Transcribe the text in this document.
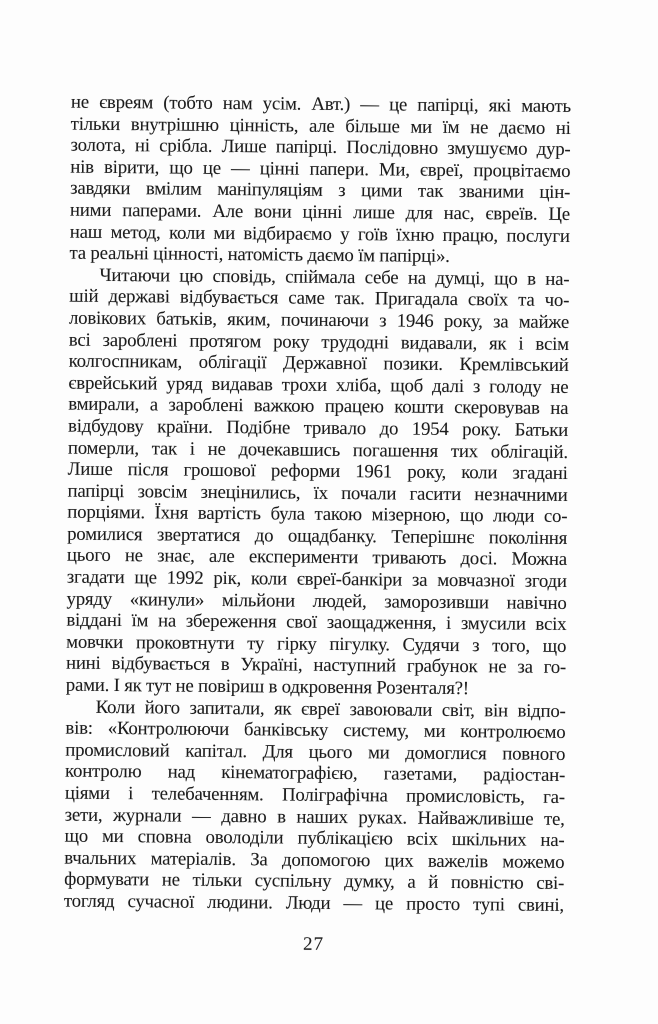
не євреям (тобто нам усім. Авт.) — це папірці, які мають
тільки внутрішню цінність, але більше ми їм не даємо ні
золота, ні срібла. Лише папірці. Послідовно змушуємо дур-
нів вірити, що це — цінні папери. Ми, євреї, процвітаємо
завдяки вмілим маніпуляціям з цими так званими цін-
ними паперами. Але вони цінні лише для нас, євреїв. Це
наш метод, коли ми відбираємо у гоїв їхню працю, послуги
та реальні цінності, натомість даємо їм папірці».
Читаючи цю сповідь, спіймала себе на думці, що в на-
шій державі відбувається саме так. Пригадала своїх та чо-
ловікових батьків, яким, починаючи з 1946 року, за майже
всі зароблені протягом року трудодні видавали, як і всім
колгоспникам, облігації Державної позики. Кремлівський
єврейський уряд видавав трохи хліба, щоб далі з голоду не
вмирали, а зароблені важкою працею кошти скеровував на
відбудову країни. Подібне тривало до 1954 року. Батьки
померли, так і не дочекавшись погашення тих облігацій.
Лише після грошової реформи 1961 року, коли згадані
папірці зовсім знецінились, їх почали гасити незначними
порціями. Їхня вартість була такою мізерною, що люди со-
ромилися звертатися до ощадбанку. Теперішнє покоління
цього не знає, але експерименти тривають досі. Можна
згадати ще 1992 рік, коли євреї-банкіри за мовчазної згоди
уряду «кинули» мільйони людей, заморозивши навічно
віддані їм на збереження свої заощадження, і змусили всіх
мовчки проковтнути ту гірку пігулку. Судячи з того, що
нині відбувається в Україні, наступний грабунок не за го-
рами. І як тут не повіриш в одкровення Розенталя?!
Коли його запитали, як євреї завоювали світ, він відпо-
вів: «Контролюючи банківську систему, ми контролюємо
промисловий капітал. Для цього ми домоглися повного
контролю над кінематографією, газетами, радіостан-
ціями і телебаченням. Поліграфічна промисловість, га-
зети, журнали — давно в наших руках. Найважливіше те,
що ми сповна оволоділи публікацією всіх шкільних на-
вчальних матеріалів. За допомогою цих важелів можемо
формувати не тільки суспільну думку, а й повністю сві-
тогляд сучасної людини. Люди — це просто тупі свині,
27
